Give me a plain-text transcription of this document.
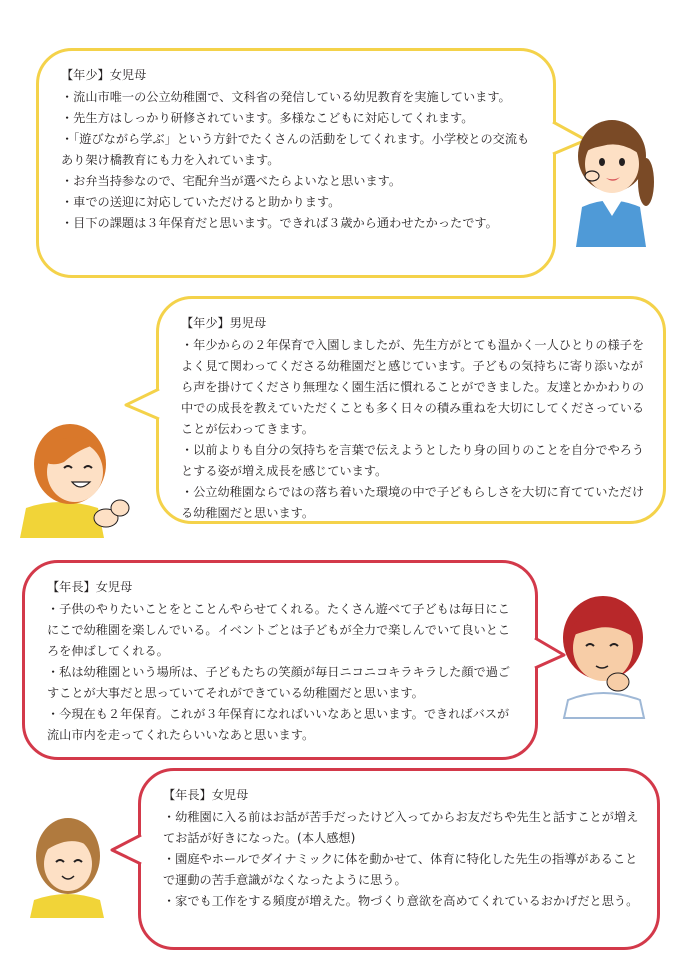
【年少】女児母

・流山市唯一の公立幼稚園で、文科省の発信している幼児教育を実施しています。

・先生方はしっかり研修されています。多様なこどもに対応してくれます。

・「遊びながら学ぶ」という方針でたくさんの活動をしてくれます。小学校との交流もあり架け橋教育にも力を入れています。

・お弁当持参なので、宅配弁当が選べたらよいなと思います。

・車での送迎に対応していただけると助かります。

・目下の課題は３年保育だと思います。できれば３歳から通わせたかったです。

【年少】男児母

・年少からの２年保育で入園しましたが、先生方がとても温かく一人ひとりの様子をよく見て関わってくださる幼稚園だと感じています。子どもの気持ちに寄り添いながら声を掛けてくださり無理なく園生活に慣れることができました。友達とかかわりの中での成長を教えていただくことも多く日々の積み重ねを大切にしてくださっていることが伝わってきます。

・以前よりも自分の気持ちを言葉で伝えようとしたり身の回りのことを自分でやろうとする姿が増え成長を感じています。

・公立幼稚園ならではの落ち着いた環境の中で子どもらしさを大切に育てていただける幼稚園だと思います。

【年長】女児母

・子供のやりたいことをとことんやらせてくれる。たくさん遊べて子どもは毎日にこにこで幼稚園を楽しんでいる。イベントごとは子どもが全力で楽しんでいて良いところを伸ばしてくれる。

・私は幼稚園という場所は、子どもたちの笑顔が毎日ニコニコキラキラした顔で過ごすことが大事だと思っていてそれができている幼稚園だと思います。

・今現在も２年保育。これが３年保育になればいいなあと思います。できればバスが流山市内を走ってくれたらいいなあと思います。

【年長】女児母

・幼稚園に入る前はお話が苦手だったけど入ってからお友だちや先生と話すことが増えてお話が好きになった。(本人感想)

・園庭やホールでダイナミックに体を動かせて、体育に特化した先生の指導があることで運動の苦手意識がなくなったように思う。

・家でも工作をする頻度が増えた。物づくり意欲を高めてくれているおかげだと思う。
